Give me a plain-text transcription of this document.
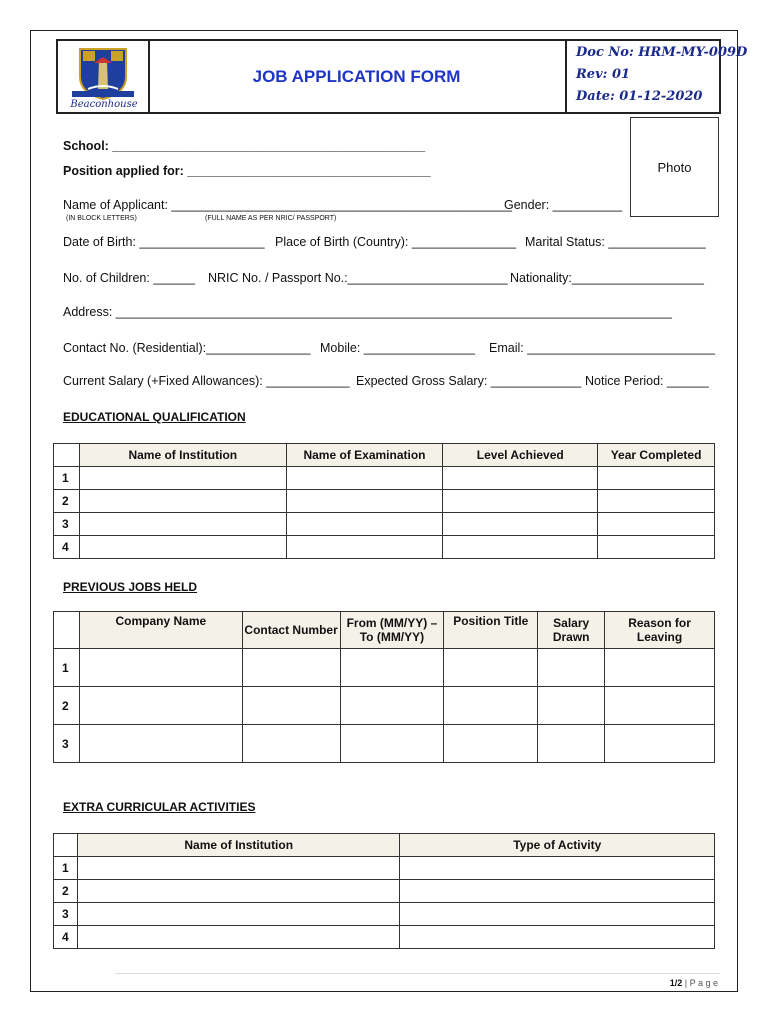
Beaconhouse
JOB APPLICATION FORM
Doc No: HRM-MY-009D
Rev: 01
Date: 01-12-2020
Photo
School: _____________________________________________
Position applied for: ___________________________________
Name of Applicant: _________________________________________________
Gender: __________
(IN BLOCK LETTERS)	(FULL NAME AS PER NRIC/ PASSPORT)
Date of Birth: __________________ Place of Birth (Country): _______________ Marital Status: ______________
No. of Children: ______ NRIC No. / Passport No.:_______________________ Nationality:___________________
Address: ________________________________________________________________________________
Contact No. (Residential):_______________ Mobile: ________________ Email: ___________________________
Current Salary (+Fixed Allowances): ____________ Expected Gross Salary: _____________ Notice Period: ______
EDUCATIONAL QUALIFICATION
	Name of Institution	Name of Examination	Level Achieved	Year Completed
1				
2				
3				
4				
PREVIOUS JOBS HELD
	Company Name	Contact Number	From (MM/YY) – To (MM/YY)	Position Title	Salary Drawn	Reason for Leaving
1						
2						
3						
EXTRA CURRICULAR ACTIVITIES
	Name of Institution	Type of Activity
1		
2		
3		
4		
1/2 | P a g e
